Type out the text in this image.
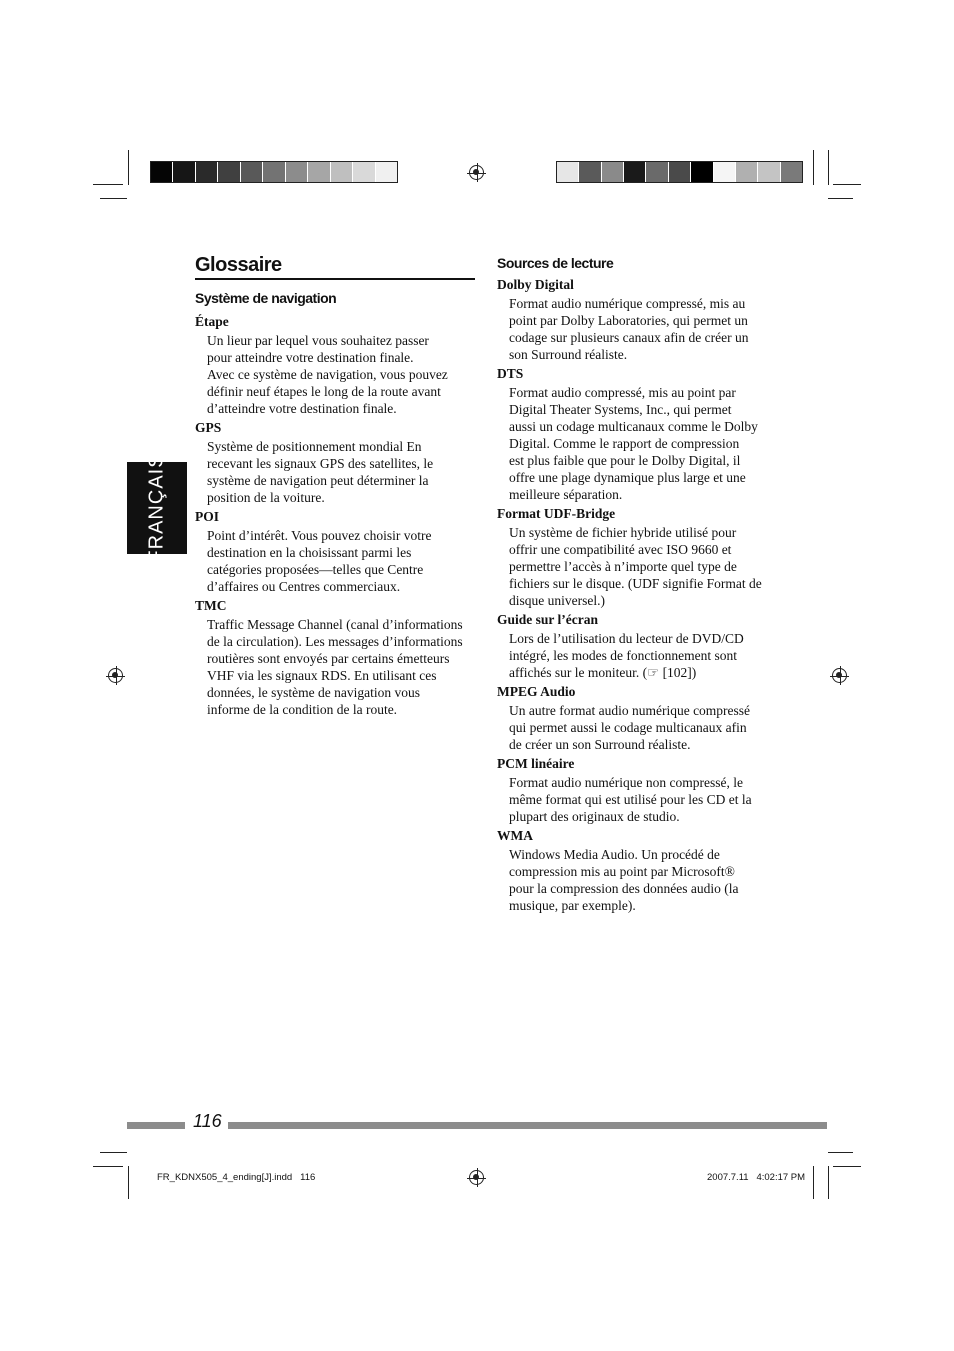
FRANÇAIS
Glossaire
Système de navigation
Étape
Un lieur par lequel vous souhaitez passer
pour atteindre votre destination finale.
Avec ce système de navigation, vous pouvez
définir neuf étapes le long de la route avant
d’atteindre votre destination finale.
GPS
Système de positionnement mondial En
recevant les signaux GPS des satellites, le
système de navigation peut déterminer la
position de la voiture.
POI
Point d’intérêt. Vous pouvez choisir votre
destination en la choisissant parmi les
catégories proposées—telles que Centre
d’affaires ou Centres commerciaux.
TMC
Traffic Message Channel (canal d’informations
de la circulation). Les messages d’informations
routières sont envoyés par certains émetteurs
VHF via les signaux RDS. En utilisant ces
données, le système de navigation vous
informe de la condition de la route.
Sources de lecture
Dolby Digital
Format audio numérique compressé, mis au
point par Dolby Laboratories, qui permet un
codage sur plusieurs canaux afin de créer un
son Surround réaliste.
DTS
Format audio compressé, mis au point par
Digital Theater Systems, Inc., qui permet
aussi un codage multicanaux comme le Dolby
Digital. Comme le rapport de compression
est plus faible que pour le Dolby Digital, il
offre une plage dynamique plus large et une
meilleure séparation.
Format UDF-Bridge
Un système de fichier hybride utilisé pour
offrir une compatibilité avec ISO 9660 et
permettre l’accès à n’importe quel type de
fichiers sur le disque. (UDF signifie Format de
disque universel.)
Guide sur l’écran
Lors de l’utilisation du lecteur de DVD/CD
intégré, les modes de fonctionnement sont
affichés sur le moniteur. (☞ [102])
MPEG Audio
Un autre format audio numérique compressé
qui permet aussi le codage multicanaux afin
de créer un son Surround réaliste.
PCM linéaire
Format audio numérique non compressé, le
même format qui est utilisé pour les CD et la
plupart des originaux de studio.
WMA
Windows Media Audio. Un procédé de
compression mis au point par Microsoft®
pour la compression des données audio (la
musique, par exemple).
116
FR_KDNX505_4_ending[J].indd   116	2007.7.11   4:02:17 PM
